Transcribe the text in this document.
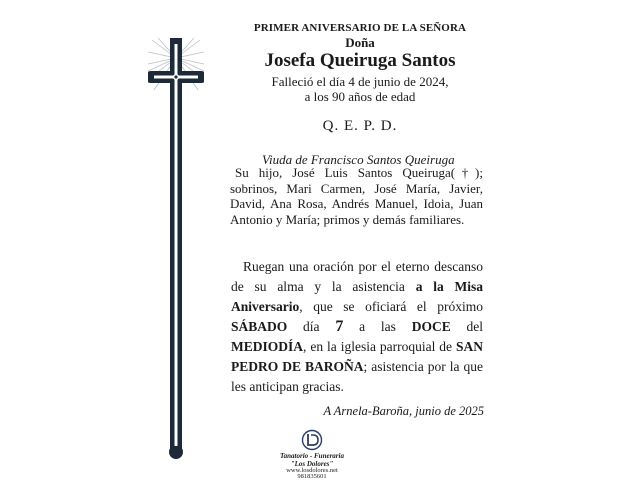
PRIMER ANIVERSARIO DE LA SEÑORA
Doña
Josefa Queiruga Santos
Falleció el día 4 de junio de 2024,
a los 90 años de edad
Q. E. P. D.
Viuda de Francisco Santos Queiruga
Su hijo, José Luis Santos Queiruga(†); sobrinos, Mari Carmen, José María, Javier, David, Ana Rosa, Andrés Manuel, Idoia, Juan Antonio y María; primos y demás familiares.
Ruegan una oración por el eterno descanso de su alma y la asistencia a la Misa Aniversario, que se oficiará el próximo SÁBADO día 7 a las DOCE del MEDIODÍA, en la iglesia parroquial de SAN PEDRO DE BAROÑA; asistencia por la que les anticipan gracias.
A Arnela-Baroña, junio de 2025
Tanatorio - Funeraria
"Los Dolores"
www.losdolores.net
981835601
